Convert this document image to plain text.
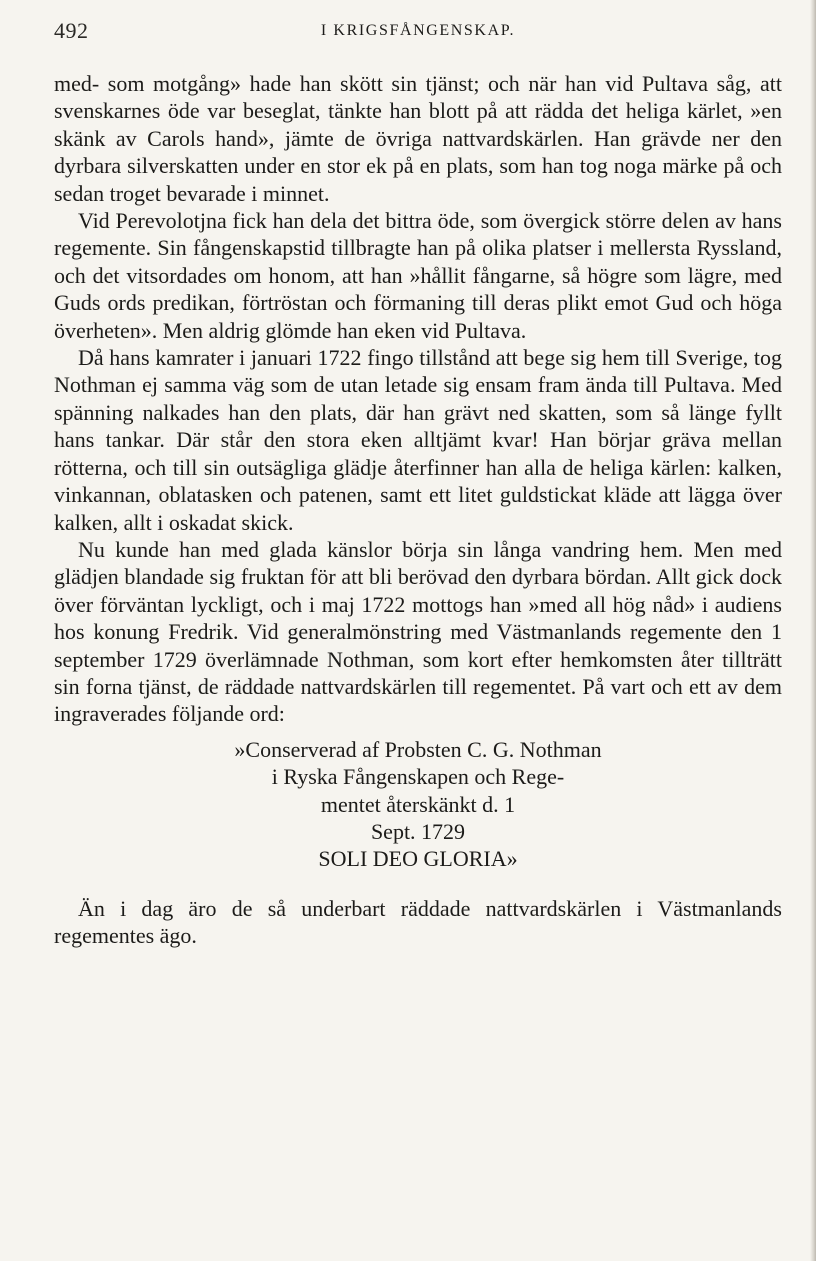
492	I KRIGSFÅNGENSKAP.

med- som motgång» hade han skött sin tjänst; och när han vid Pultava såg, att svenskarnes öde var beseglat, tänkte han blott på att rädda det heliga kärlet, »en skänk av Carols hand», jämte de övriga nattvardskärlen. Han grävde ner den dyrbara silverskatten under en stor ek på en plats, som han tog noga märke på och sedan troget bevarade i minnet.

Vid Perevolotjna fick han dela det bittra öde, som övergick större delen av hans regemente. Sin fångenskapstid tillbragte han på olika platser i mellersta Ryssland, och det vitsordades om honom, att han »hållit fångarne, så högre som lägre, med Guds ords predikan, förtröstan och förmaning till deras plikt emot Gud och höga överheten». Men aldrig glömde han eken vid Pultava.

Då hans kamrater i januari 1722 fingo tillstånd att bege sig hem till Sverige, tog Nothman ej samma väg som de utan letade sig ensam fram ända till Pultava. Med spänning nalkades han den plats, där han grävt ned skatten, som så länge fyllt hans tankar. Där står den stora eken alltjämt kvar! Han börjar gräva mellan rötterna, och till sin outsägliga glädje återfinner han alla de heliga kärlen: kalken, vinkannan, oblatasken och patenen, samt ett litet guldstickat kläde att lägga över kalken, allt i oskadat skick.

Nu kunde han med glada känslor börja sin långa vandring hem. Men med glädjen blandade sig fruktan för att bli berövad den dyrbara bördan. Allt gick dock över förväntan lyckligt, och i maj 1722 mottogs han »med all hög nåd» i audiens hos konung Fredrik. Vid generalmönstring med Västmanlands regemente den 1 september 1729 överlämnade Nothman, som kort efter hemkomsten åter tillträtt sin forna tjänst, de räddade nattvardskärlen till regementet. På vart och ett av dem ingraverades följande ord:

»Conserverad af Probsten C. G. Nothman
i Ryska Fångenskapen och Rege-
mentet återskänkt d. 1
Sept. 1729
SOLI DEO GLORIA»

Än i dag äro de så underbart räddade nattvardskärlen i Västmanlands regementes ägo.
